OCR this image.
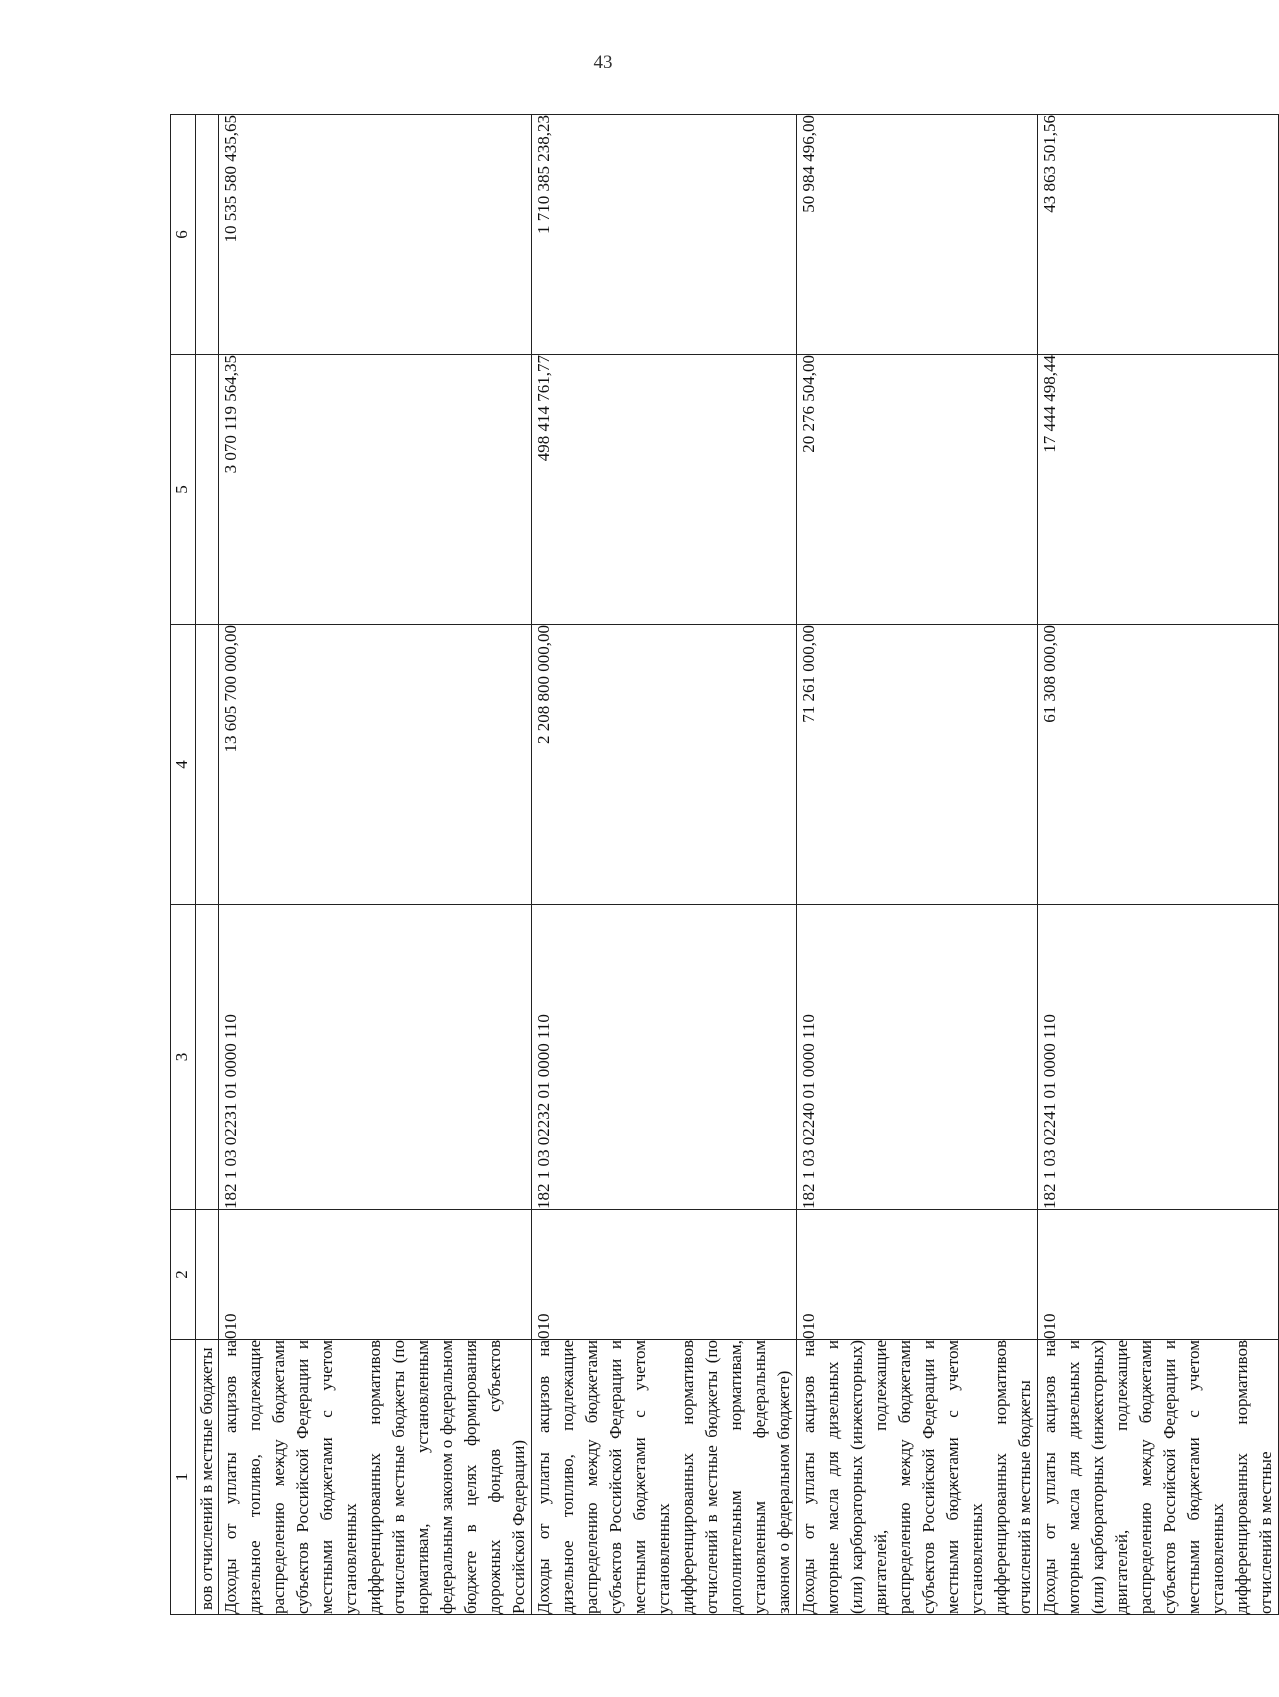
43
1	2	3	4	5	6
вов отчислений в местные бюджеты					
Доходы от уплаты акцизов на дизельное топливо, подлежащие распределению между бюджетами субъектов Российской Федерации и местными бюджетами с учетом установленных дифференцированных нормативов отчислений в местные бюджеты (по нормативам, установленным федеральным законом о федеральном бюджете в целях формирования дорожных фондов субъектов Российской Федерации)	010	182 1 03 02231 01 0000 110	13 605 700 000,00	3 070 119 564,35	10 535 580 435,65
Доходы от уплаты акцизов на дизельное топливо, подлежащие распределению между бюджетами субъектов Российской Федерации и местными бюджетами с учетом установленных дифференцированных нормативов отчислений в местные бюджеты (по дополнительным нормативам, установленным федеральным законом о федеральном бюджете)	010	182 1 03 02232 01 0000 110	2 208 800 000,00	498 414 761,77	1 710 385 238,23
Доходы от уплаты акцизов на моторные масла для дизельных и (или) карбюраторных (инжекторных) двигателей, подлежащие распределению между бюджетами субъектов Российской Федерации и местными бюджетами с учетом установленных дифференцированных нормативов отчислений в местные бюджеты	010	182 1 03 02240 01 0000 110	71 261 000,00	20 276 504,00	50 984 496,00
Доходы от уплаты акцизов на моторные масла для дизельных и (или) карбюраторных (инжекторных) двигателей, подлежащие распределению между бюджетами субъектов Российской Федерации и местными бюджетами с учетом установленных дифференцированных нормативов отчислений в местные	010	182 1 03 02241 01 0000 110	61 308 000,00	17 444 498,44	43 863 501,56
